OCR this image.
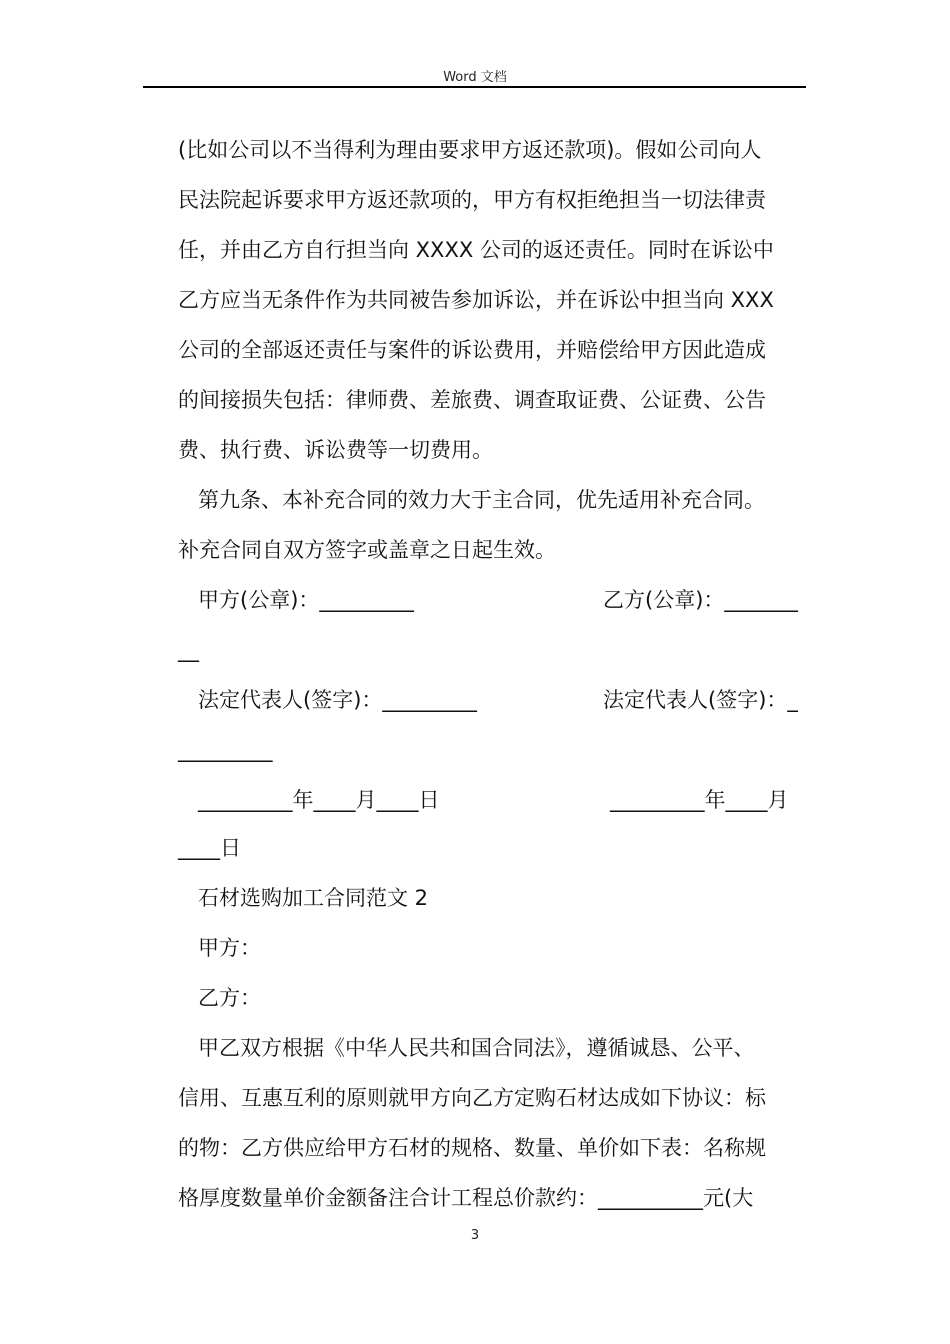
Word 文档
(比如公司以不当得利为理由要求甲方返还款项)。假如公司向人
民法院起诉要求甲方返还款项的，甲方有权拒绝担当一切法律责
任，并由乙方自行担当向 XXXX 公司的返还责任。同时在诉讼中
乙方应当无条件作为共同被告参加诉讼，并在诉讼中担当向 XXX
公司的全部返还责任与案件的诉讼费用，并赔偿给甲方因此造成
的间接损失包括：律师费、差旅费、调查取证费、公证费、公告
费、执行费、诉讼费等一切费用。
第九条、本补充合同的效力大于主合同，优先适用补充合同。
补充合同自双方签字或盖章之日起生效。
甲方(公章)：_________	乙方(公章)：_______
__
法定代表人(签字)：_________	法定代表人(签字)：_
_________
_________年____月____日	_________年____月
____日
石材选购加工合同范文 2
甲方：
乙方：
甲乙双方根据《中华人民共和国合同法》，遵循诚恳、公平、
信用、互惠互利的原则就甲方向乙方定购石材达成如下协议：标
的物：乙方供应给甲方石材的规格、数量、单价如下表：名称规
格厚度数量单价金额备注合计工程总价款约：__________元(大
3
